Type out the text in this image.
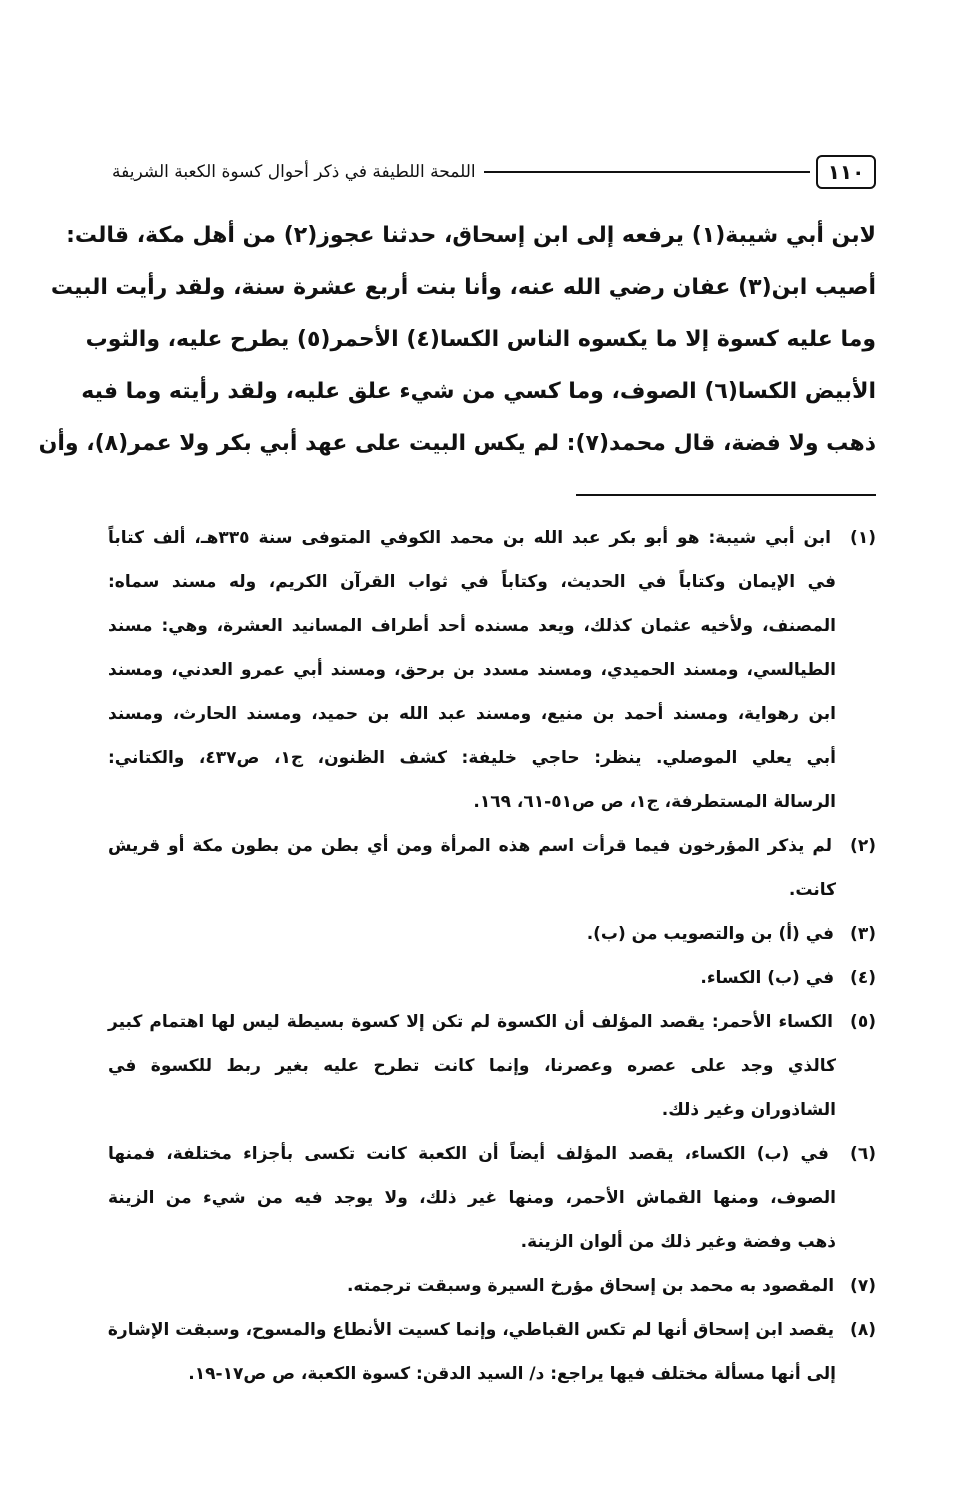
١١٠
اللمحة اللطيفة في ذكر أحوال كسوة الكعبة الشريفة
لابن أبي شيبة(١) يرفعه إلى ابن إسحاق، حدثنا عجوز(٢) من أهل مكة، قالت:
أصيب ابن(٣) عفان رضي الله عنه، وأنا بنت أربع عشرة سنة، ولقد رأيت البيت
وما عليه كسوة إلا ما يكسوه الناس الكسا(٤) الأحمر(٥) يطرح عليه، والثوب
الأبيض الكسا(٦) الصوف، وما كسي من شيء علق عليه، ولقد رأيته وما فيه
ذهب ولا فضة، قال محمد(٧): لم يكس البيت على عهد أبي بكر ولا عمر(٨)، وأن
(١) ابن أبي شيبة: هو أبو بكر عبد الله بن محمد الكوفي المتوفى سنة ٣٣٥هـ، ألف كتاباً
في الإيمان وكتاباً في الحديث، وكتاباً في ثواب القرآن الكريم، وله مسند سماه:
المصنف، ولأخيه عثمان كذلك، ويعد مسنده أحد أطراف المسانيد العشرة، وهي: مسند
الطيالسي، ومسند الحميدي، ومسند مسدد بن برحق، ومسند أبي عمرو العدني، ومسند
ابن رهواية، ومسند أحمد بن منيع، ومسند عبد الله بن حميد، ومسند الحارث، ومسند
أبي يعلي الموصلي. ينظر: حاجي خليفة: كشف الظنون، ج١، ص٤٣٧، والكتاني:
الرسالة المستطرفة، ج١، ص ص٥١-٦١، ١٦٩.
(٢) لم يذكر المؤرخون فيما قرأت اسم هذه المرأة ومن أي بطن من بطون مكة أو قريش
كانت.
(٣) في (أ) بن والتصويب من (ب).
(٤) في (ب) الكساء.
(٥) الكساء الأحمر: يقصد المؤلف أن الكسوة لم تكن إلا كسوة بسيطة ليس لها اهتمام كبير
كالذي وجد على عصره وعصرنا، وإنما كانت تطرح عليه بغير ربط للكسوة في
الشاذوران وغير ذلك.
(٦) في (ب) الكساء، يقصد المؤلف أيضاً أن الكعبة كانت تكسى بأجزاء مختلفة، فمنها
الصوف، ومنها القماش الأحمر، ومنها غير ذلك، ولا يوجد فيه من شيء من الزينة
ذهب وفضة وغير ذلك من ألوان الزينة.
(٧) المقصود به محمد بن إسحاق مؤرخ السيرة وسبقت ترجمته.
(٨) يقصد ابن إسحاق أنها لم تكس القباطي، وإنما كسيت الأنطاع والمسوح، وسبقت الإشارة
إلى أنها مسألة مختلف فيها يراجع: د/ السيد الدقن: كسوة الكعبة، ص ص١٧-١٩.
